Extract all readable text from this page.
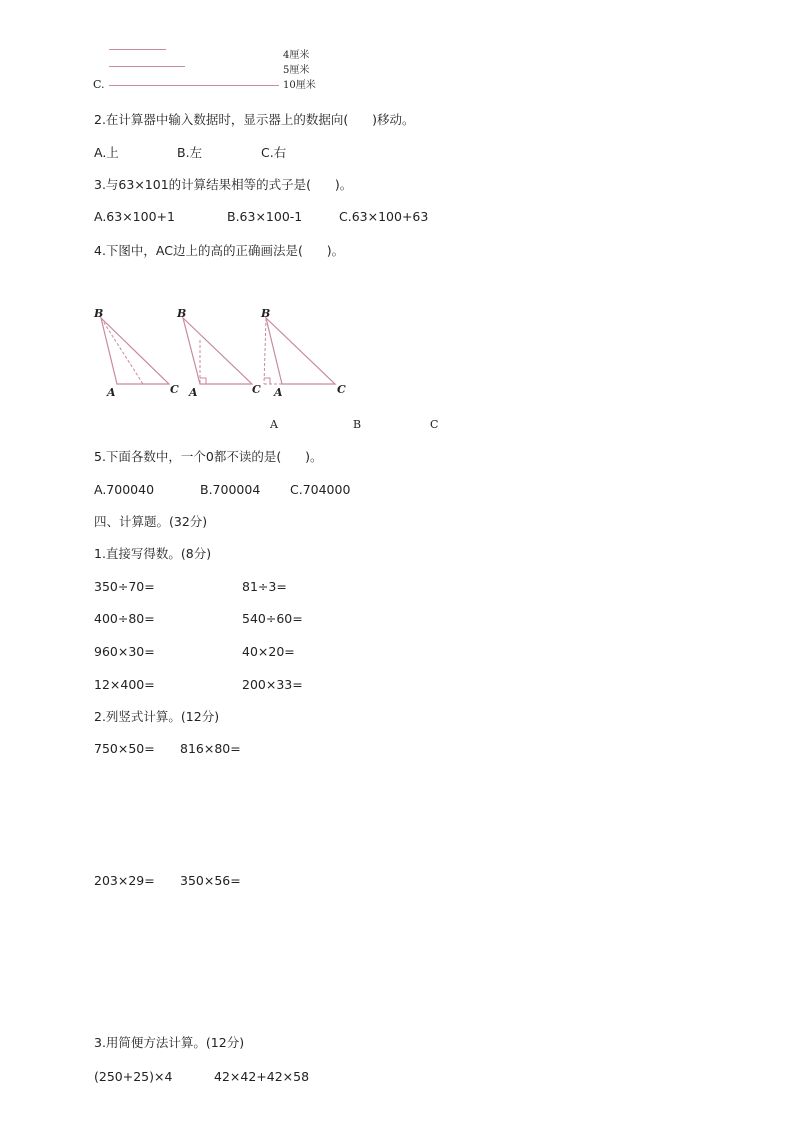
C.
4厘米
5厘米
10厘米
2.在计算器中输入数据时，显示器上的数据向(      )移动。
A.上	B.左	C.右
3.与63×101的计算结果相等的式子是(      )。
A.63×100+1	B.63×100-1	C.63×100+63
4.下图中，AC边上的高的正确画法是(      )。
B
A	C
B
A	C
B
A	C
A	B	C
5.下面各数中，一个0都不读的是(      )。
A.700040	B.700004 C.704000
四、计算题。(32分)
1.直接写得数。(8分)
350÷70=	81÷3=
400÷80=	540÷60=
960×30=	40×20=
12×400=	200×33=
2.列竖式计算。(12分)
750×50= 816×80=
203×29= 350×56=
3.用简便方法计算。(12分)
(250+25)×4	42×42+42×58
